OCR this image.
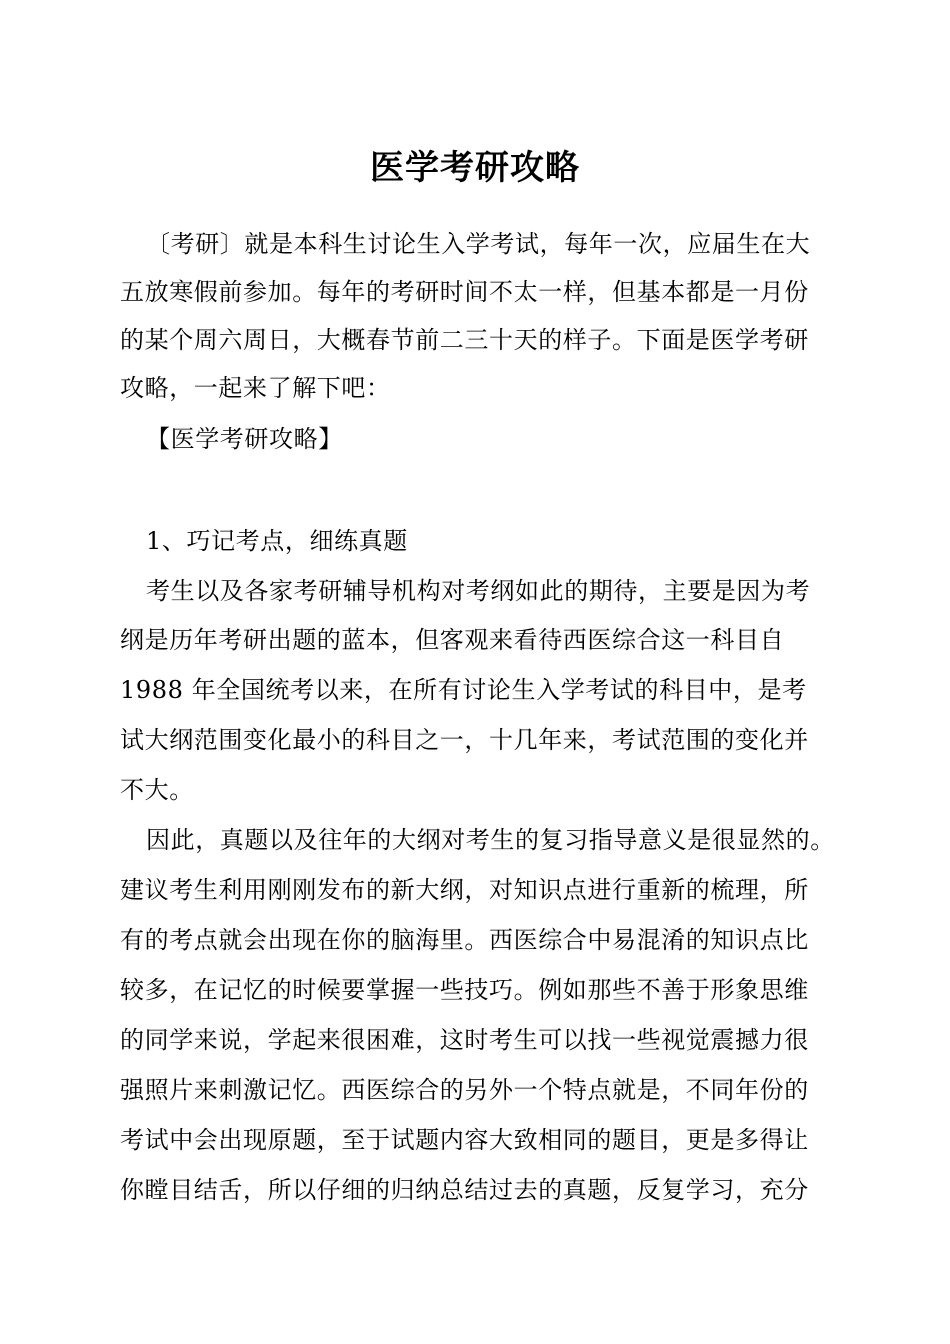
医学考研攻略
〔考研〕就是本科生讨论生入学考试，每年一次，应届生在大
五放寒假前参加。每年的考研时间不太一样，但基本都是一月份
的某个周六周日，大概春节前二三十天的样子。下面是医学考研
攻略，一起来了解下吧：
【医学考研攻略】
1、巧记考点，细练真题
考生以及各家考研辅导机构对考纲如此的期待，主要是因为考
纲是历年考研出题的蓝本，但客观来看待西医综合这一科目自
1988 年全国统考以来，在所有讨论生入学考试的科目中，是考
试大纲范围变化最小的科目之一，十几年来，考试范围的变化并
不大。
因此，真题以及往年的大纲对考生的复习指导意义是很显然的。
建议考生利用刚刚发布的新大纲，对知识点进行重新的梳理，所
有的考点就会出现在你的脑海里。西医综合中易混淆的知识点比
较多，在记忆的时候要掌握一些技巧。例如那些不善于形象思维
的同学来说，学起来很困难，这时考生可以找一些视觉震撼力很
强照片来刺激记忆。西医综合的另外一个特点就是，不同年份的
考试中会出现原题，至于试题内容大致相同的题目，更是多得让
你瞠目结舌，所以仔细的归纳总结过去的真题，反复学习，充分
